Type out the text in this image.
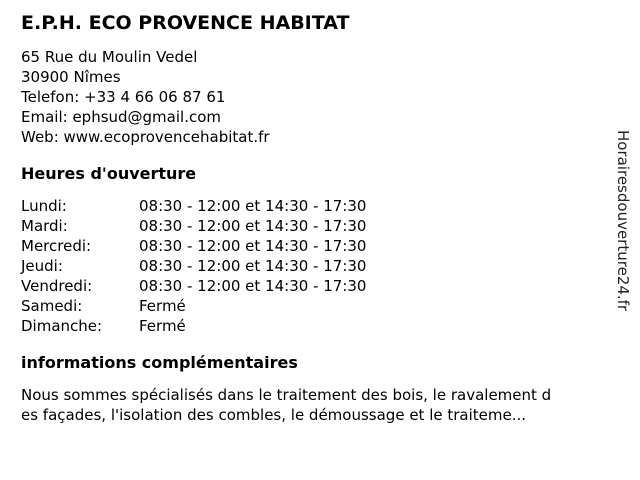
E.P.H. ECO PROVENCE HABITAT
65 Rue du Moulin Vedel
30900 Nîmes
Telefon: +33 4 66 06 87 61
Email: ephsud@gmail.com
Web: www.ecoprovencehabitat.fr
Heures d'ouverture
Lundi:	08:30 - 12:00 et 14:30 - 17:30
Mardi:	08:30 - 12:00 et 14:30 - 17:30
Mercredi:	08:30 - 12:00 et 14:30 - 17:30
Jeudi:	08:30 - 12:00 et 14:30 - 17:30
Vendredi:	08:30 - 12:00 et 14:30 - 17:30
Samedi:	Fermé
Dimanche:	Fermé
informations complémentaires
Nous sommes spécialisés dans le traitement des bois, le ravalement d
es façades, l'isolation des combles, le démoussage et le traiteme...
Horairesdouverture24.fr
